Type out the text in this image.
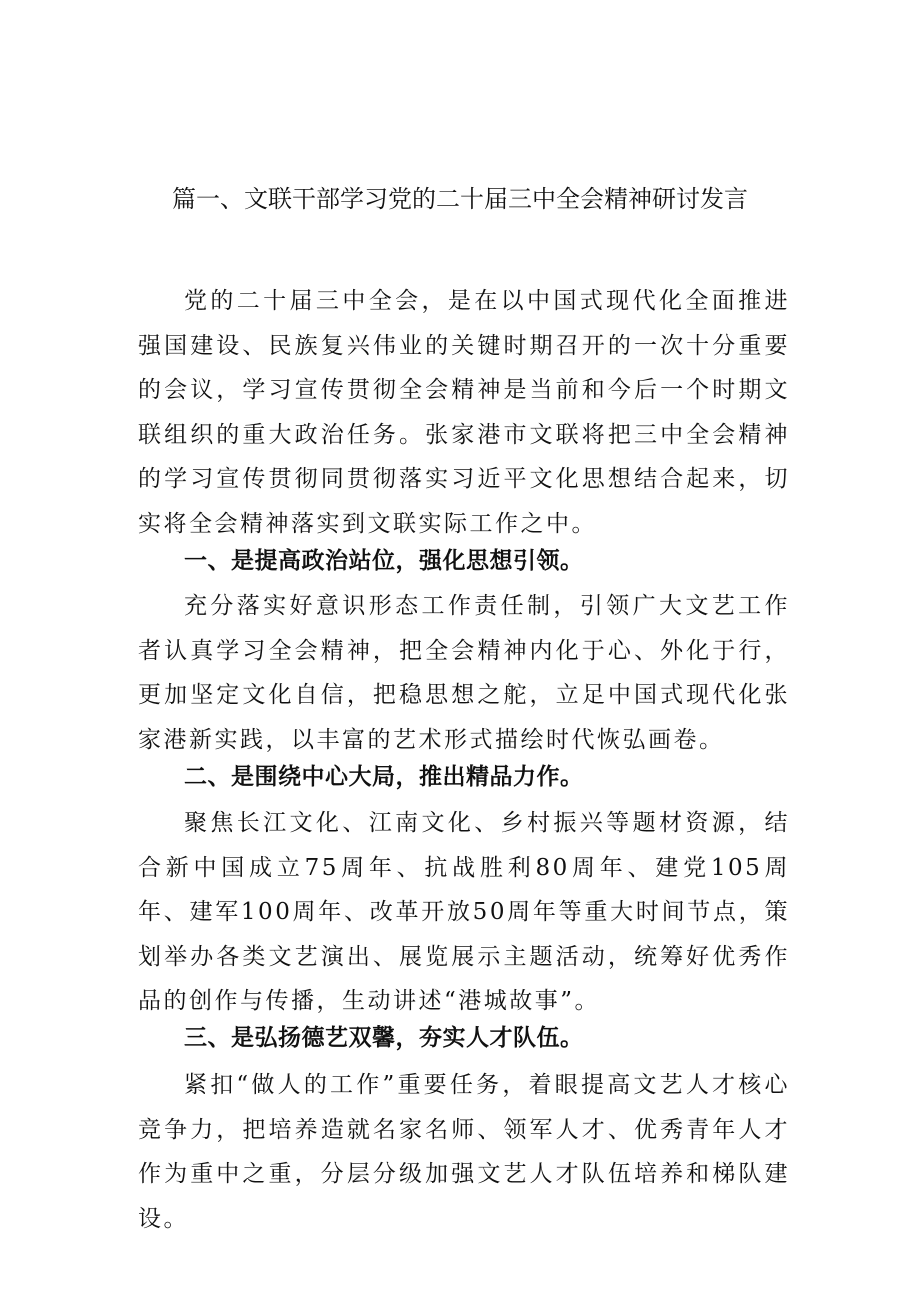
篇一、文联干部学习党的二十届三中全会精神研讨发言

党的二十届三中全会，是在以中国式现代化全面推进强国建设、民族复兴伟业的关键时期召开的一次十分重要的会议，学习宣传贯彻全会精神是当前和今后一个时期文联组织的重大政治任务。张家港市文联将把三中全会精神的学习宣传贯彻同贯彻落实习近平文化思想结合起来，切实将全会精神落实到文联实际工作之中。

一、是提高政治站位，强化思想引领。

充分落实好意识形态工作责任制，引领广大文艺工作者认真学习全会精神，把全会精神内化于心、外化于行，更加坚定文化自信，把稳思想之舵，立足中国式现代化张家港新实践，以丰富的艺术形式描绘时代恢弘画卷。

二、是围绕中心大局，推出精品力作。

聚焦长江文化、江南文化、乡村振兴等题材资源，结合新中国成立75周年、抗战胜利80周年、建党105周年、建军100周年、改革开放50周年等重大时间节点，策划举办各类文艺演出、展览展示主题活动，统筹好优秀作品的创作与传播，生动讲述“港城故事”。

三、是弘扬德艺双馨，夯实人才队伍。

紧扣“做人的工作”重要任务，着眼提高文艺人才核心竞争力，把培养造就名家名师、领军人才、优秀青年人才作为重中之重，分层分级加强文艺人才队伍培养和梯队建设。
